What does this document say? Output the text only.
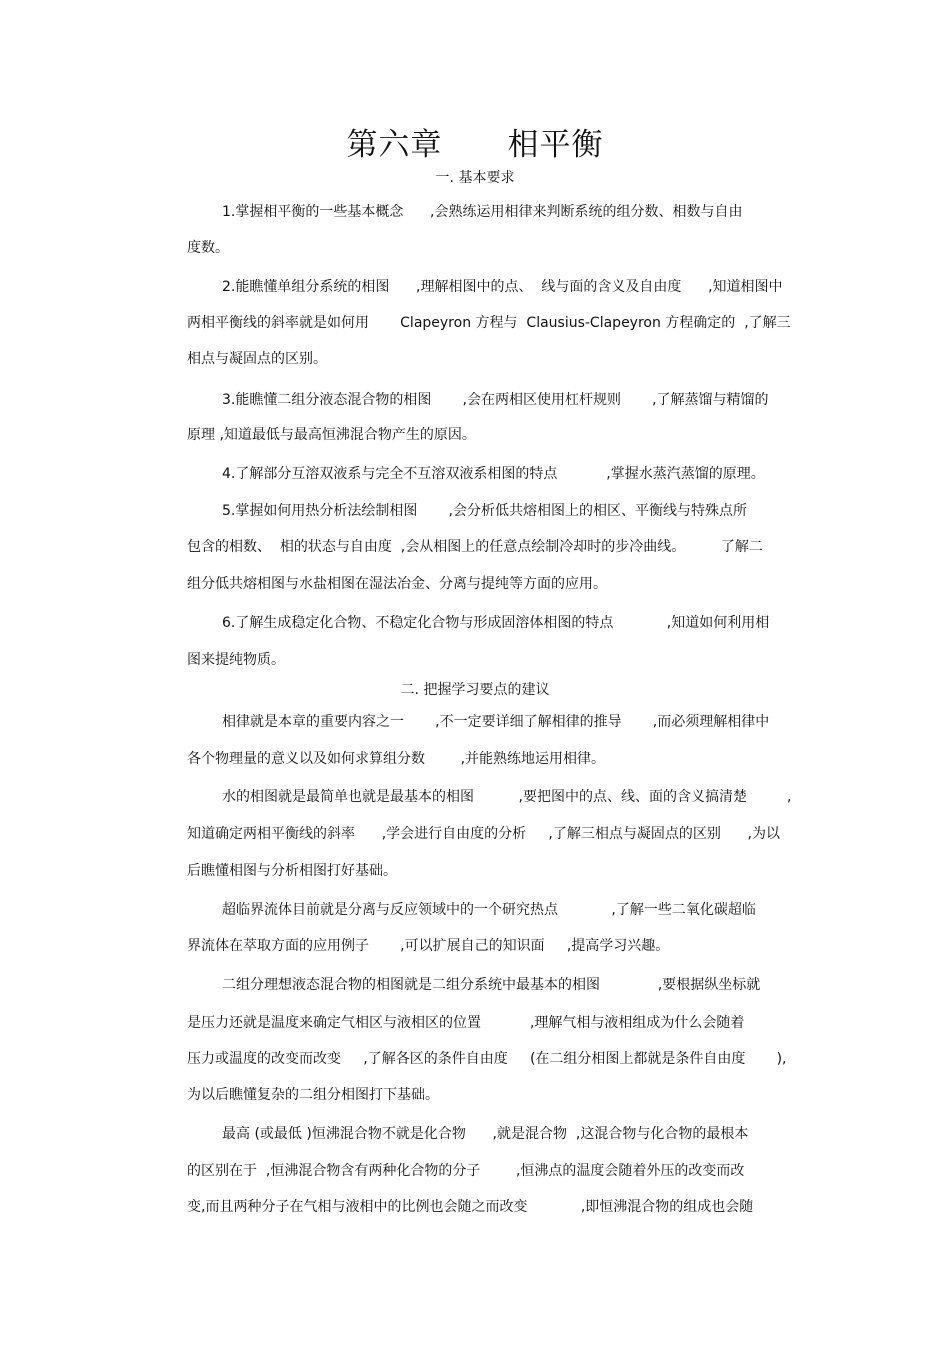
第六章      相平衡
一. 基本要求

1.掌握相平衡的一些基本概念      ,会熟练运用相律来判断系统的组分数、相数与自由

度数。

2.能瞧懂单组分系统的相图      ,理解相图中的点、  线与面的含义及自由度      ,知道相图中

两相平衡线的斜率就是如何用       Clapeyron 方程与  Clausius-Clapeyron 方程确定的  ,了解三

相点与凝固点的区别。

3.能瞧懂二组分液态混合物的相图       ,会在两相区使用杠杆规则       ,了解蒸馏与精馏的

原理 ,知道最低与最高恒沸混合物产生的原因。

4.了解部分互溶双液系与完全不互溶双液系相图的特点           ,掌握水蒸汽蒸馏的原理。

5.掌握如何用热分析法绘制相图       ,会分析低共熔相图上的相区、平衡线与特殊点所

包含的相数、  相的状态与自由度  ,会从相图上的任意点绘制冷却时的步冷曲线。        了解二

组分低共熔相图与水盐相图在湿法冶金、分离与提纯等方面的应用。

6.了解生成稳定化合物、不稳定化合物与形成固溶体相图的特点            ,知道如何利用相

图来提纯物质。

二. 把握学习要点的建议

相律就是本章的重要内容之一       ,不一定要详细了解相律的推导       ,而必须理解相律中

各个物理量的意义以及如何求算组分数        ,并能熟练地运用相律。

水的相图就是最简单也就是最基本的相图          ,要把图中的点、线、面的含义搞清楚         ,

知道确定两相平衡线的斜率      ,学会进行自由度的分析     ,了解三相点与凝固点的区别      ,为以

后瞧懂相图与分析相图打好基础。

超临界流体目前就是分离与反应领域中的一个研究热点            ,了解一些二氧化碳超临

界流体在萃取方面的应用例子       ,可以扩展自己的知识面     ,提高学习兴趣。

二组分理想液态混合物的相图就是二组分系统中最基本的相图             ,要根据纵坐标就

是压力还就是温度来确定气相区与液相区的位置           ,理解气相与液相组成为什么会随着

压力或温度的改变而改变     ,了解各区的条件自由度     (在二组分相图上都就是条件自由度       ),

为以后瞧懂复杂的二组分相图打下基础。

最高 (或最低 )恒沸混合物不就是化合物      ,就是混合物  ,这混合物与化合物的最根本

的区别在于  ,恒沸混合物含有两种化合物的分子        ,恒沸点的温度会随着外压的改变而改

变,而且两种分子在气相与液相中的比例也会随之而改变            ,即恒沸混合物的组成也会随
